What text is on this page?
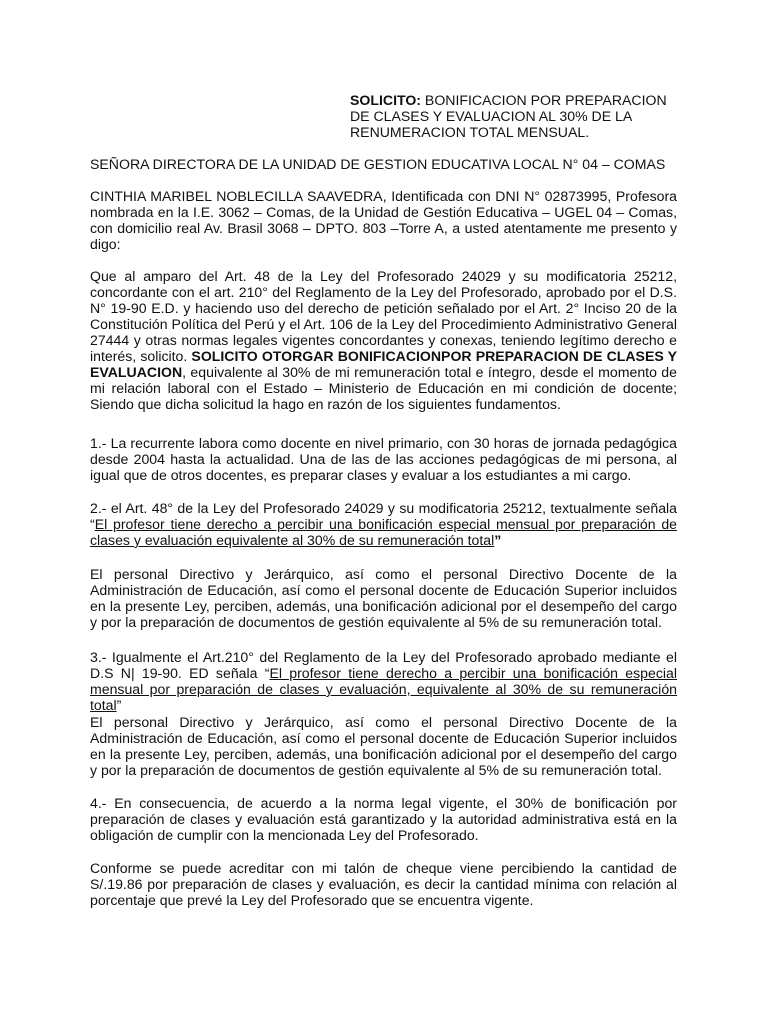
SOLICITO: BONIFICACION POR PREPARACION DE CLASES Y EVALUACION AL 30% DE LA RENUMERACION TOTAL MENSUAL.

SEÑORA DIRECTORA DE LA UNIDAD DE GESTION EDUCATIVA LOCAL N° 04 – COMAS

CINTHIA MARIBEL NOBLECILLA SAAVEDRA, Identificada con DNI N° 02873995, Profesora nombrada en la I.E. 3062 – Comas, de la Unidad de Gestión Educativa – UGEL 04 – Comas, con domicilio real Av. Brasil 3068 – DPTO. 803 –Torre A, a usted atentamente me presento y digo:

Que al amparo del Art. 48 de la Ley del Profesorado 24029 y su modificatoria 25212, concordante con el art. 210° del Reglamento de la Ley del Profesorado, aprobado por el D.S. N° 19-90 E.D. y haciendo uso del derecho de petición señalado por el Art. 2° Inciso 20 de la Constitución Política del Perú y el Art. 106 de la Ley del Procedimiento Administrativo General 27444 y otras normas legales vigentes concordantes y conexas, teniendo legítimo derecho e interés, solicito. SOLICITO OTORGAR BONIFICACIONPOR PREPARACION DE CLASES Y EVALUACION, equivalente al 30% de mi remuneración total e íntegro, desde el momento de mi relación laboral con el Estado – Ministerio de Educación en mi condición de docente; Siendo que dicha solicitud la hago en razón de los siguientes fundamentos.

1.- La recurrente labora como docente en nivel primario, con 30 horas de jornada pedagógica desde 2004 hasta la actualidad. Una de las de las acciones pedagógicas de mi persona, al igual que de otros docentes, es preparar clases y evaluar a los estudiantes a mi cargo.

2.- el Art. 48° de la Ley del Profesorado 24029 y su modificatoria 25212, textualmente señala “El profesor tiene derecho a percibir una bonificación especial mensual por preparación de clases y evaluación equivalente al 30% de su remuneración total”

El personal Directivo y Jerárquico, así como el personal Directivo Docente de la Administración de Educación, así como el personal docente de Educación Superior incluidos en la presente Ley, perciben, además, una bonificación adicional por el desempeño del cargo y por la preparación de documentos de gestión equivalente al 5% de su remuneración total.

3.- Igualmente el Art.210° del Reglamento de la Ley del Profesorado aprobado mediante el D.S N| 19-90. ED señala “El profesor tiene derecho a percibir una bonificación especial mensual por preparación de clases y evaluación, equivalente al 30% de su remuneración total”

El personal Directivo y Jerárquico, así como el personal Directivo Docente de la Administración de Educación, así como el personal docente de Educación Superior incluidos en la presente Ley, perciben, además, una bonificación adicional por el desempeño del cargo y por la preparación de documentos de gestión equivalente al 5% de su remuneración total.

4.- En consecuencia, de acuerdo a la norma legal vigente, el 30% de bonificación por preparación de clases y evaluación está garantizado y la autoridad administrativa está en la obligación de cumplir con la mencionada Ley del Profesorado.

Conforme se puede acreditar con mi talón de cheque viene percibiendo la cantidad de S/.19.86 por preparación de clases y evaluación, es decir la cantidad mínima con relación al porcentaje que prevé la Ley del Profesorado que se encuentra vigente.
